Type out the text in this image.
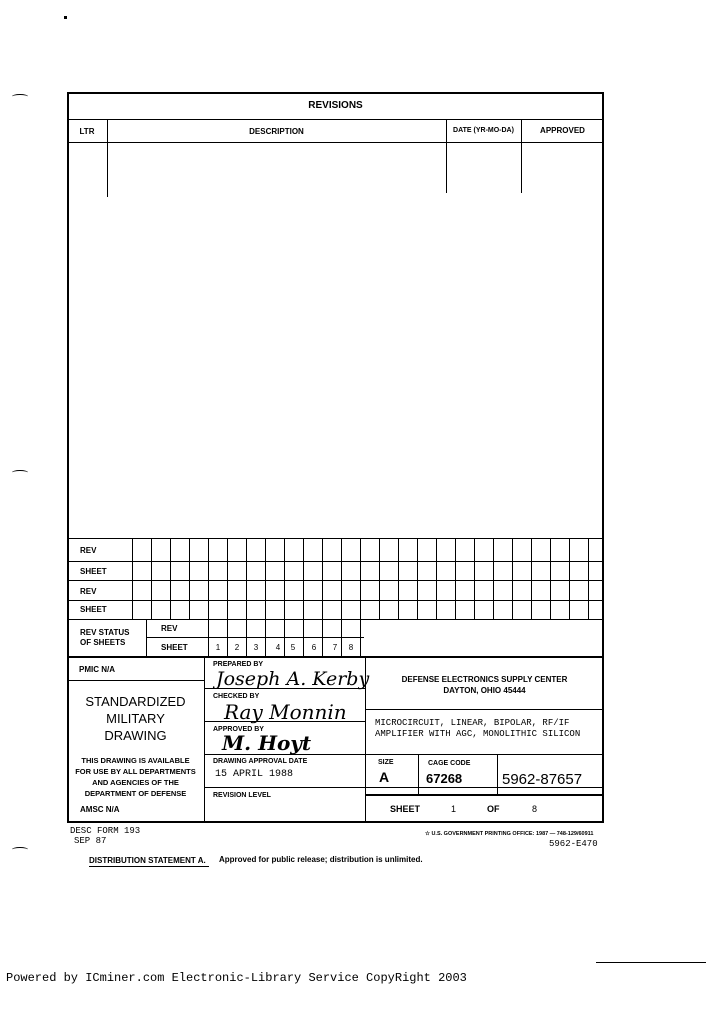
REVISIONS
LTR	DESCRIPTION	DATE (YR-MO-DA)	APPROVED
REV
SHEET
REV
SHEET
REV STATUS
OF SHEETS
REV
SHEET	1	2	3	4	5	6	7	8
PMIC N/A
STANDARDIZED
MILITARY
DRAWING
THIS DRAWING IS AVAILABLE
FOR USE BY ALL DEPARTMENTS
AND AGENCIES OF THE
DEPARTMENT OF DEFENSE
AMSC N/A
PREPARED BY
Joseph A. Kerby
CHECKED BY
Ray Monnin
APPROVED BY
M. Hoyt
DRAWING APPROVAL DATE
15 APRIL 1988
REVISION LEVEL
DEFENSE ELECTRONICS SUPPLY CENTER
DAYTON, OHIO 45444
MICROCIRCUIT, LINEAR, BIPOLAR, RF/IF
AMPLIFIER WITH AGC, MONOLITHIC SILICON
SIZE
A
CAGE CODE
67268	5962-87657
SHEET	1	OF	8
DESC FORM 193
SEP 87
☆ U.S. GOVERNMENT PRINTING OFFICE: 1987 — 748-129/60911
5962-E470
DISTRIBUTION STATEMENT A. Approved for public release; distribution is unlimited.
Powered by ICminer.com Electronic-Library Service CopyRight 2003
